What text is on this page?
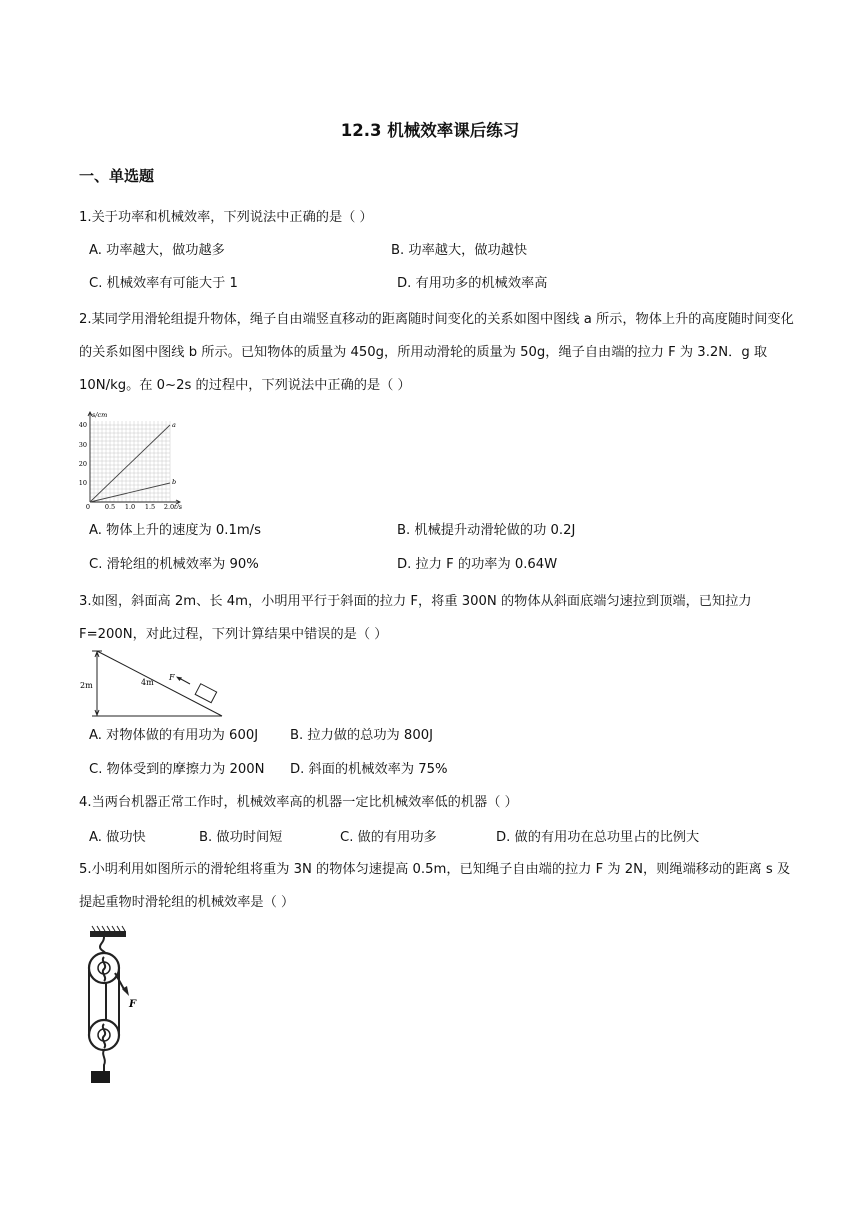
12.3 机械效率课后练习
一、单选题
1.关于功率和机械效率，下列说法中正确的是（ ）
A. 功率越大，做功越多	B. 功率越大，做功越快
C. 机械效率有可能大于 1	D. 有用功多的机械效率高
2.某同学用滑轮组提升物体，绳子自由端竖直移动的距离随时间变化的关系如图中图线 a 所示，物体上升的高度随时间变化的关系如图中图线 b 所示。已知物体的质量为 450g，所用动滑轮的质量为 50g，绳子自由端的拉力 F 为 3.2N．g 取 10N/kg。在 0~2s 的过程中，下列说法中正确的是（ ）
s/cm
t/s
a
b
40
30
20
10
0 0.5 1.0 1.5 2.0
A. 物体上升的速度为 0.1m/s	B. 机械提升动滑轮做的功 0.2J
C. 滑轮组的机械效率为 90%	D. 拉力 F 的功率为 0.64W
3.如图，斜面高 2m、长 4m，小明用平行于斜面的拉力 F，将重 300N 的物体从斜面底端匀速拉到顶端，已知拉力 F=200N，对此过程，下列计算结果中错误的是（ ）
2m	4m
F
A. 对物体做的有用功为 600J B. 拉力做的总功为 800J
C. 物体受到的摩擦力为 200N D. 斜面的机械效率为 75%
4.当两台机器正常工作时，机械效率高的机器一定比机械效率低的机器（ ）
A. 做功快	B. 做功时间短	C. 做的有用功多	D. 做的有用功在总功里占的比例大
5.小明利用如图所示的滑轮组将重为 3N 的物体匀速提高 0.5m，已知绳子自由端的拉力 F 为 2N，则绳端移动的距离 s 及提起重物时滑轮组的机械效率是（ ）
F
